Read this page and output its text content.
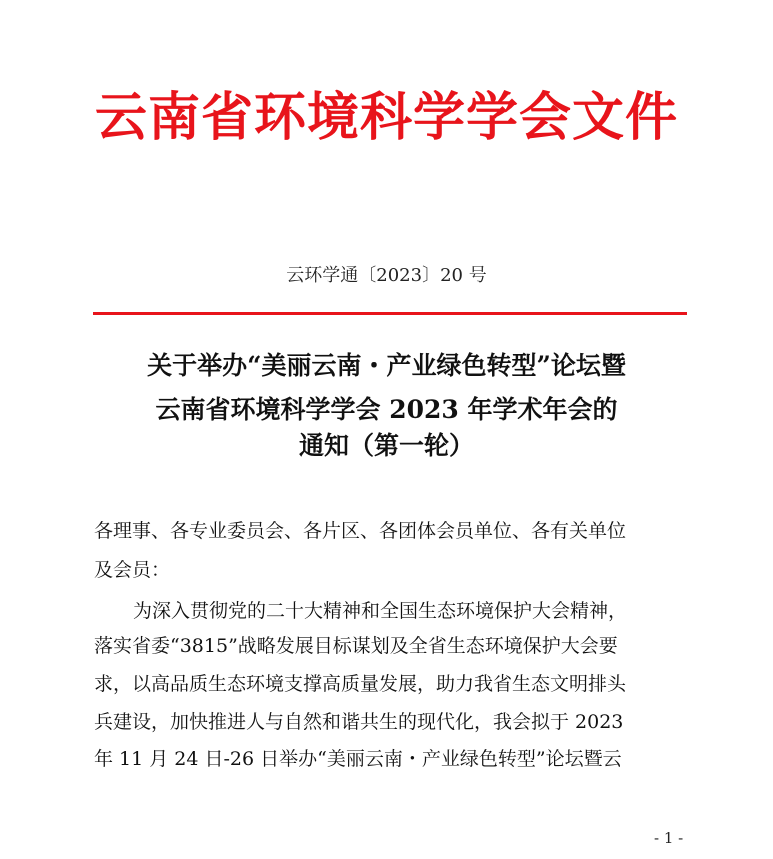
云南省环境科学学会文件
云环学通〔2023〕20 号
关于举办“美丽云南・产业绿色转型”论坛暨
云南省环境科学学会 2023 年学术年会的
通知（第一轮）
各理事、各专业委员会、各片区、各团体会员单位、各有关单位
及会员：
为深入贯彻党的二十大精神和全国生态环境保护大会精神，
落实省委“3815”战略发展目标谋划及全省生态环境保护大会要
求，以高品质生态环境支撑高质量发展，助力我省生态文明排头
兵建设，加快推进人与自然和谐共生的现代化，我会拟于 2023
年 11 月 24 日-26 日举办“美丽云南・产业绿色转型”论坛暨云
- 1 -
